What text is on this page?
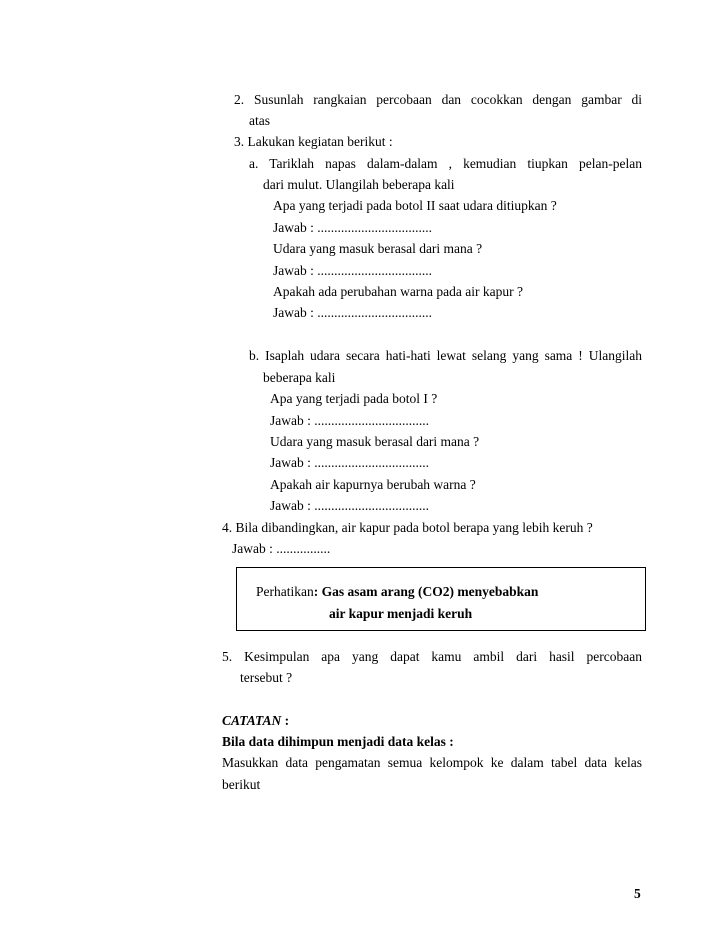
2. Susunlah rangkaian percobaan dan cocokkan dengan gambar di
atas
3. Lakukan kegiatan berikut :
a. Tariklah napas dalam-dalam , kemudian tiupkan pelan-pelan
dari mulut. Ulangilah beberapa kali
Apa yang terjadi pada botol II saat udara ditiupkan ?
Jawab : ..................................
Udara yang masuk berasal dari mana ?
Jawab : ..................................
Apakah ada perubahan warna pada air kapur ?
Jawab : ..................................
b. Isaplah udara secara hati-hati lewat selang yang sama ! Ulangilah
beberapa kali
Apa yang terjadi pada botol I ?
Jawab : ..................................
Udara yang masuk berasal dari mana ?
Jawab : ..................................
Apakah air kapurnya berubah warna ?
Jawab : ..................................
4. Bila dibandingkan, air kapur pada botol berapa yang lebih keruh ?
Jawab : ................
Perhatikan: Gas asam arang (CO2) menyebabkan
air kapur menjadi keruh
5. Kesimpulan apa yang dapat kamu ambil dari hasil percobaan
tersebut ?
CATATAN :
Bila data dihimpun menjadi data kelas :
Masukkan data pengamatan semua kelompok ke dalam tabel data kelas
berikut
5
